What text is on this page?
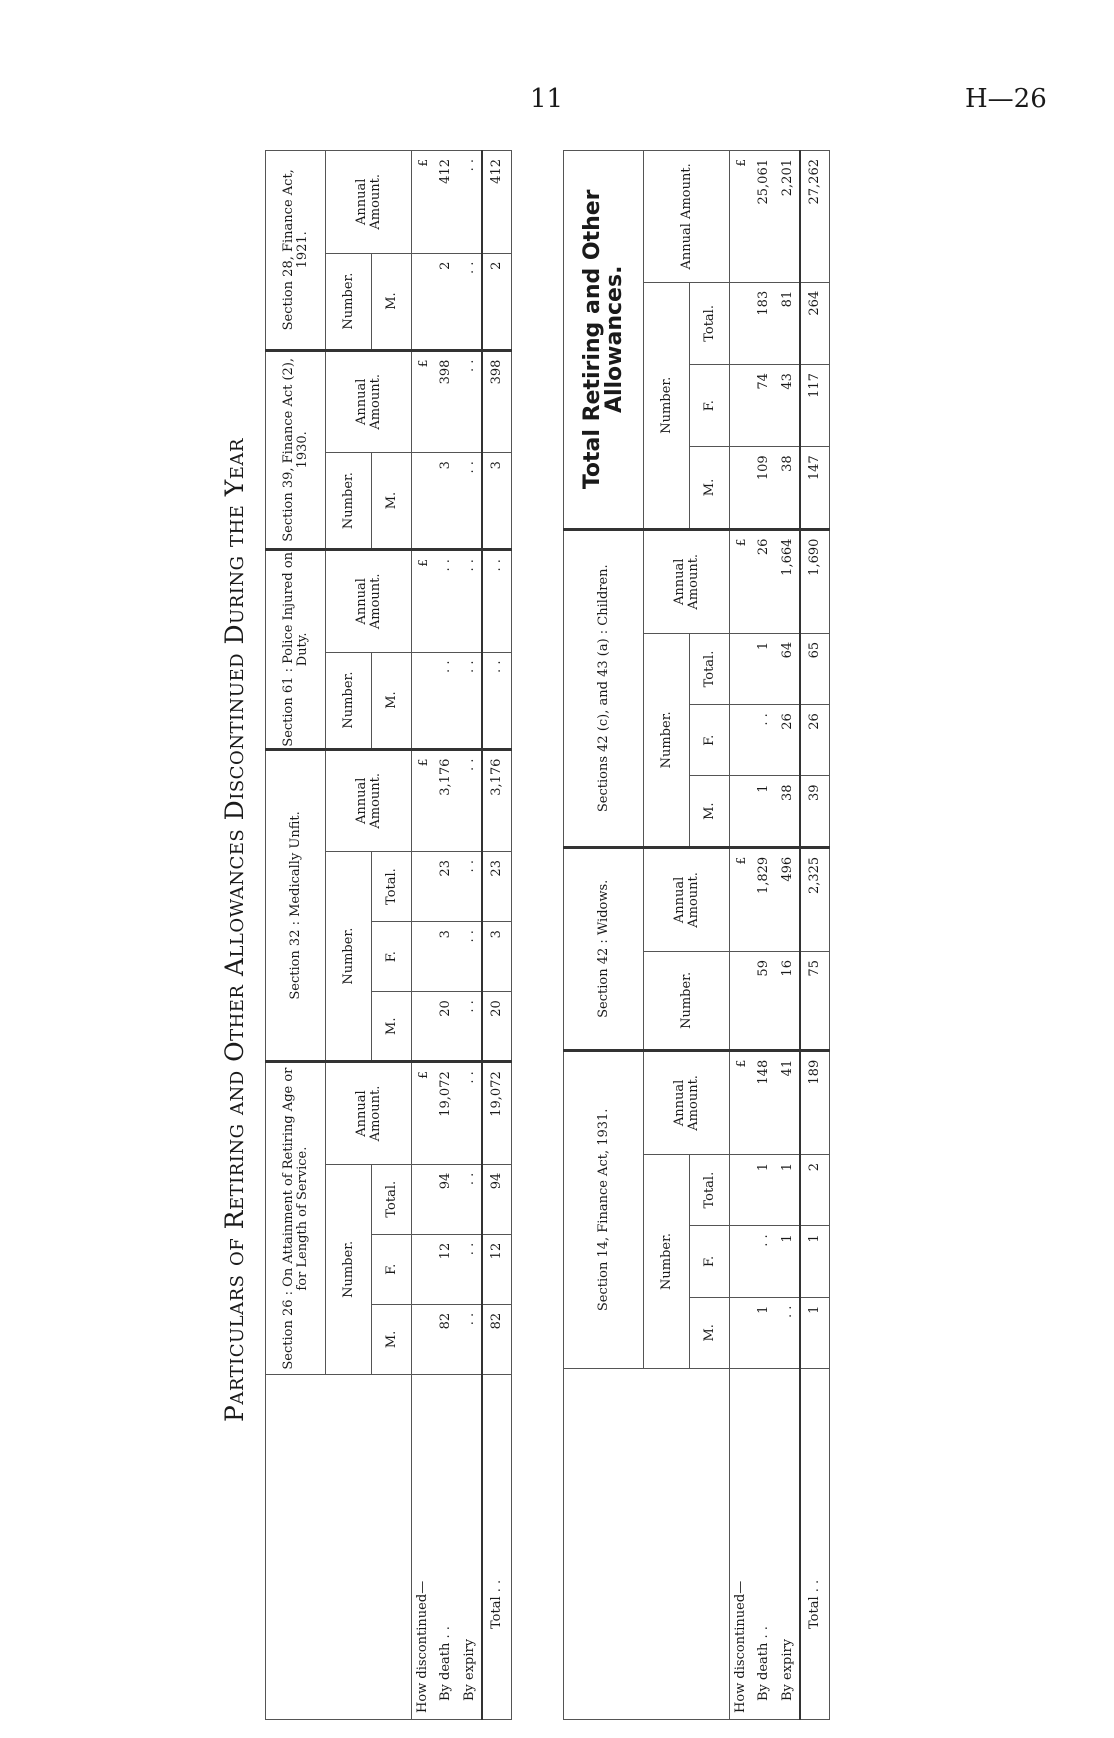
11	H—26
Particulars of Retiring and Other Allowances Discontinued During the Year
	Section 26 : On Attainment of Retiring Age or for Length of Service.				Section 32 : Medically Unfit.				Section 61 : Police Injured on Duty.		Section 39, Finance Act (2), 1930.		Section 28, Finance Act, 1921.	
	Number.			Annual Amount.	Number.			Annual Amount.	Number.	Annual Amount.	Number.	Annual Amount.	Number.	Annual Amount.
	M.	F.	Total.		M.	F.	Total.		M.		M.		M.	
How discontinued—				£				£		£		£		£
By death . .	82	12	94	19,072	20	3	23	3,176	. .	. .	3	398	2	412
By expiry	. .	. .	. .	. .	. .	. .	. .	. .	. .	. .	. .	. .	. .	. .
Total . .	82	12	94	19,072	20	3	23	3,176	. .	. .	3	398	2	412
	Section 14, Finance Act, 1931.				Section 42 : Widows.		Sections 42 (c), and 43 (a) : Children.				Total Retiring and Other Allowances.			
	Number.			Annual Amount.	Number.	Annual Amount.	Number.			Annual Amount.	Number.			Annual Amount.
	M.	F.	Total.				M.	F.	Total.		M.	F.	Total.	
How discontinued—				£		£				£				£
By death . .	1	. .	1	148	59	1,829	1	. .	1	26	109	74	183	25,061
By expiry	. .	1	1	41	16	496	38	26	64	1,664	38	43	81	2,201
Total . .	1	1	2	189	75	2,325	39	26	65	1,690	147	117	264	27,262
